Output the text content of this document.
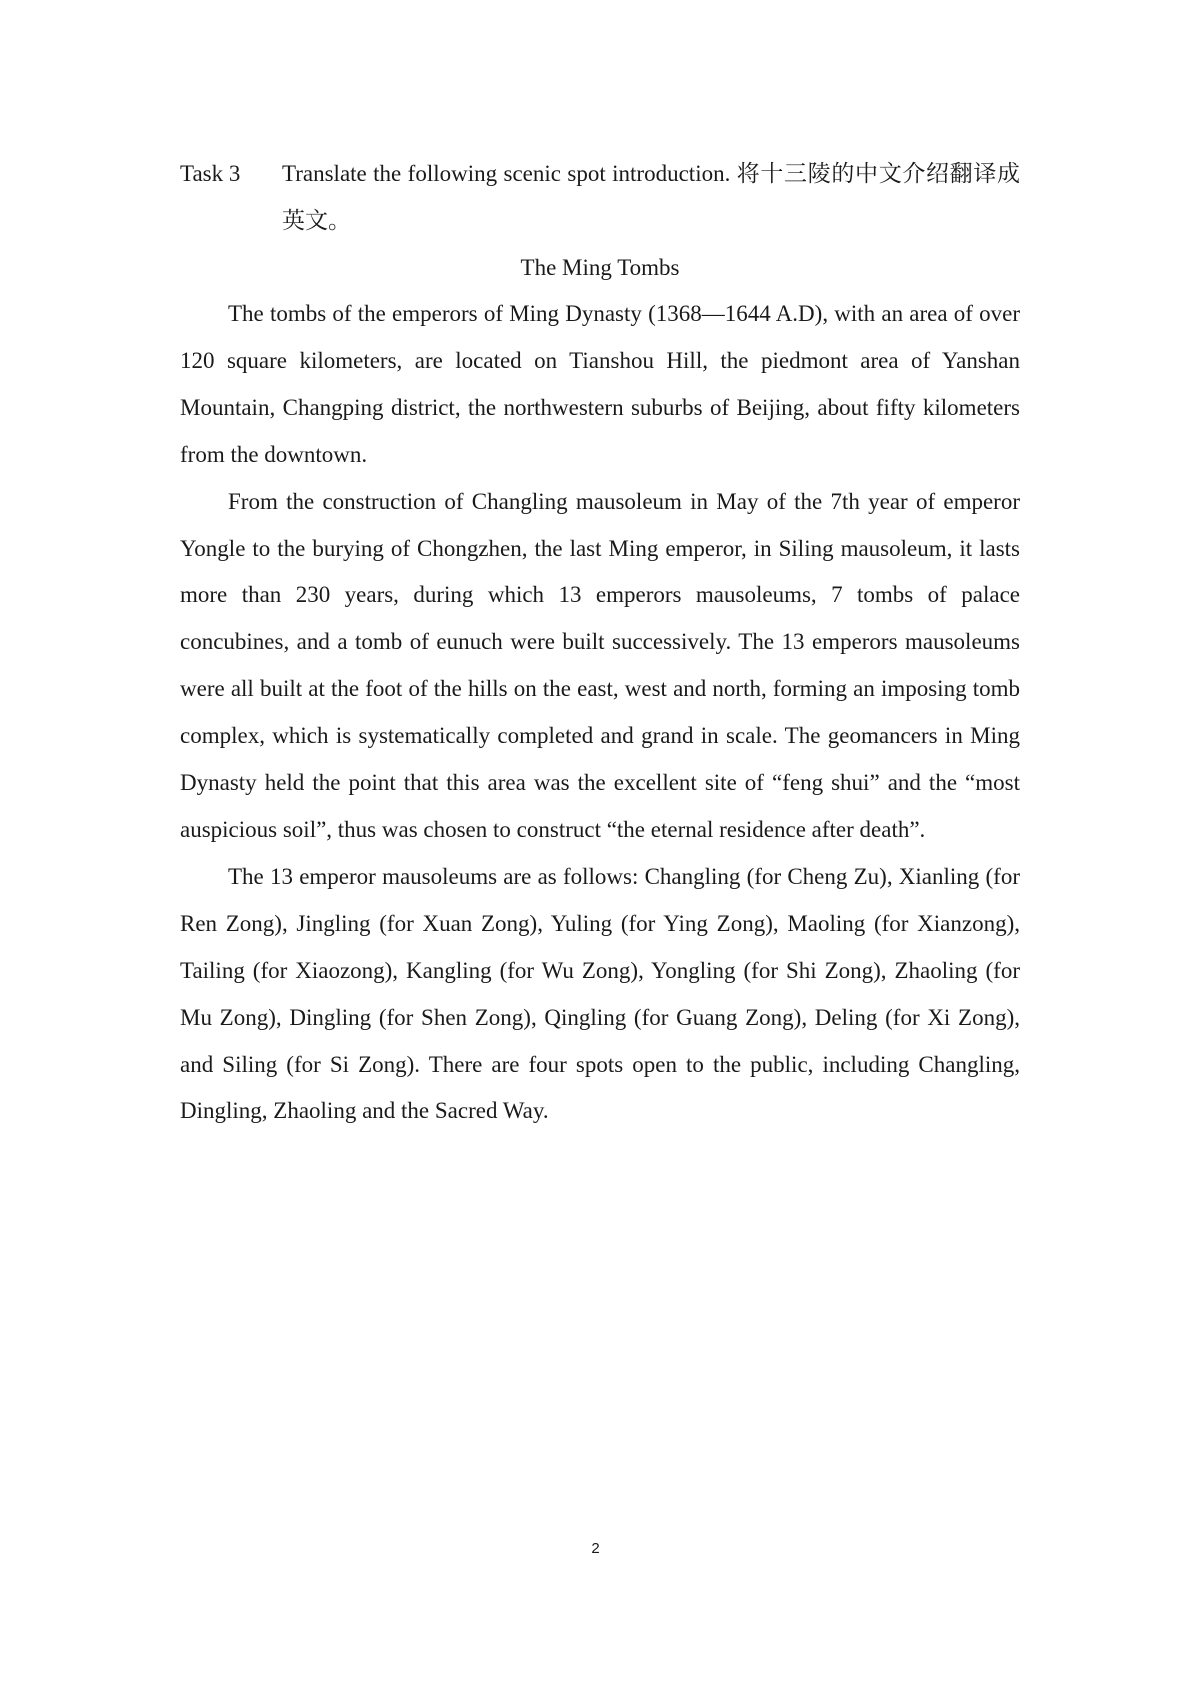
Task 3	Translate the following scenic spot introduction. 将十三陵的中文介绍翻译成英文。
The Ming Tombs

The tombs of the emperors of Ming Dynasty (1368—1644 A.D), with an area of over 120 square kilometers, are located on Tianshou Hill, the piedmont area of Yanshan Mountain, Changping district, the northwestern suburbs of Beijing, about fifty kilometers from the downtown.

From the construction of Changling mausoleum in May of the 7th year of emperor Yongle to the burying of Chongzhen, the last Ming emperor, in Siling mausoleum, it lasts more than 230 years, during which 13 emperors mausoleums, 7 tombs of palace concubines, and a tomb of eunuch were built successively. The 13 emperors mausoleums were all built at the foot of the hills on the east, west and north, forming an imposing tomb complex, which is systematically completed and grand in scale. The geomancers in Ming Dynasty held the point that this area was the excellent site of “feng shui” and the “most auspicious soil”, thus was chosen to construct “the eternal residence after death”.

The 13 emperor mausoleums are as follows: Changling (for Cheng Zu), Xianling (for Ren Zong), Jingling (for Xuan Zong), Yuling (for Ying Zong), Maoling (for Xianzong), Tailing (for Xiaozong), Kangling (for Wu Zong), Yongling (for Shi Zong), Zhaoling (for Mu Zong), Dingling (for Shen Zong), Qingling (for Guang Zong), Deling (for Xi Zong), and Siling (for Si Zong). There are four spots open to the public, including Changling, Dingling, Zhaoling and the Sacred Way.

2
